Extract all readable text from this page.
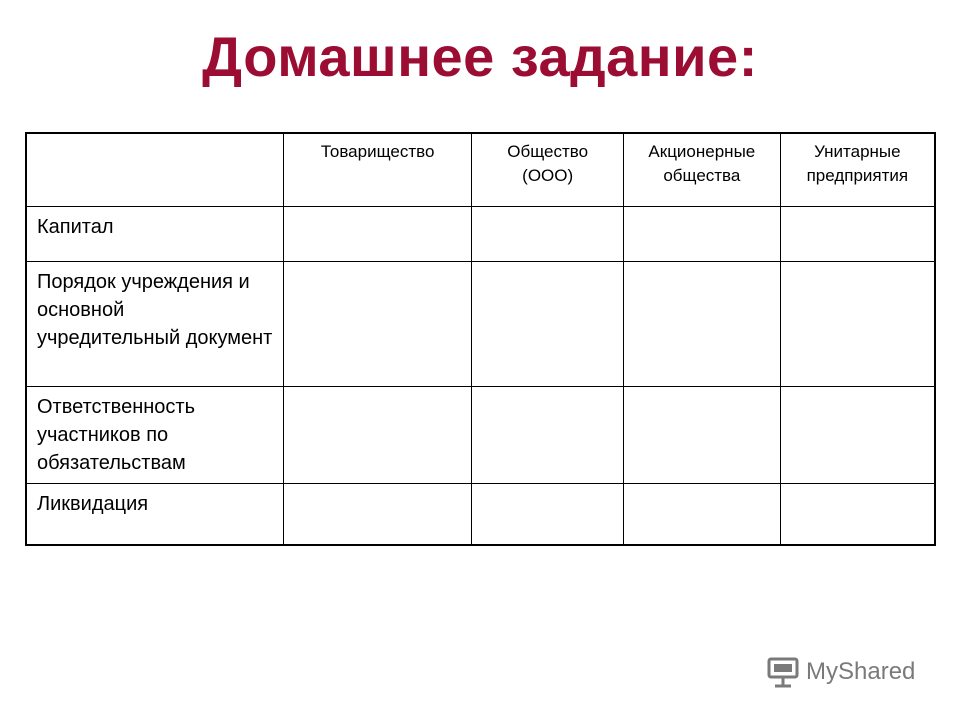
Домашнее задание:
	Товарищество	Общество (ООО)	Акционерные общества	Унитарные предприятия
Капитал				
Порядок учреждения и основной учредительный документ				
Ответственность участников по обязательствам				
Ликвидация				
MyShared
